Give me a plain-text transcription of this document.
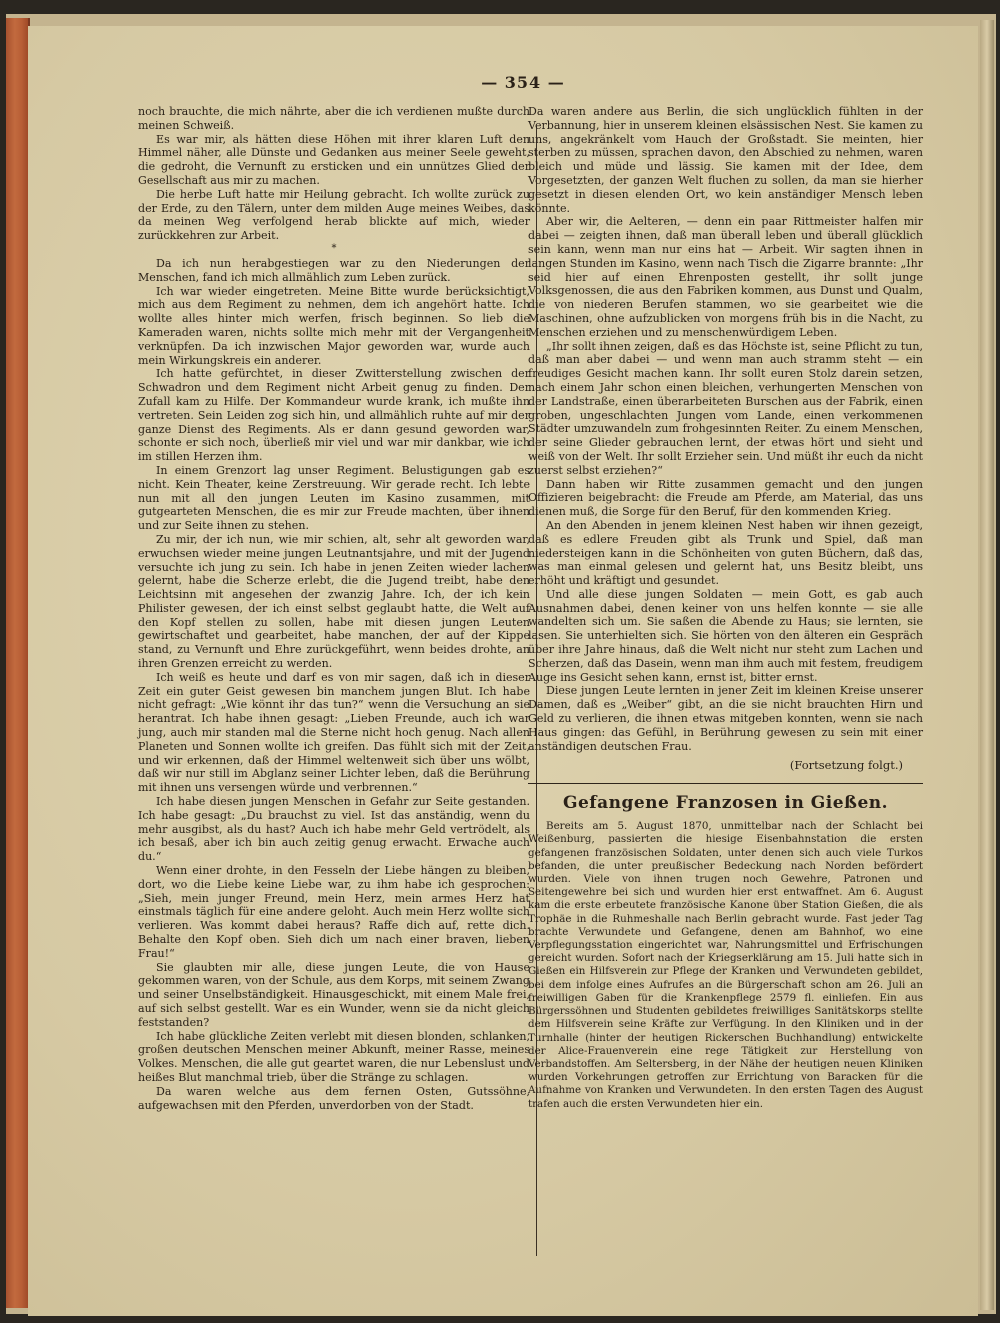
— 354 —

noch brauchte, die mich nährte, aber die ich verdienen mußte durch meinen Schweiß.

Es war mir, als hätten diese Höhen mit ihrer klaren Luft den Himmel näher, alle Dünste und Gedanken aus meiner Seele geweht, die gedroht, die Vernunft zu ersticken und ein unnützes Glied der Gesellschaft aus mir zu machen.

Die herbe Luft hatte mir Heilung gebracht. Ich wollte zurück zu der Erde, zu den Tälern, unter dem milden Auge meines Weibes, das da meinen Weg verfolgend herab blickte auf mich, wieder zurückkehren zur Arbeit.

*

Da ich nun herabgestiegen war zu den Niederungen der Menschen, fand ich mich allmählich zum Leben zurück.

Ich war wieder eingetreten. Meine Bitte wurde berücksichtigt, mich aus dem Regiment zu nehmen, dem ich angehört hatte. Ich wollte alles hinter mich werfen, frisch beginnen. So lieb die Kameraden waren, nichts sollte mich mehr mit der Vergangenheit verknüpfen. Da ich inzwischen Major geworden war, wurde auch mein Wirkungskreis ein anderer.

Ich hatte gefürchtet, in dieser Zwitterstellung zwischen der Schwadron und dem Regiment nicht Arbeit genug zu finden. Der Zufall kam zu Hilfe. Der Kommandeur wurde krank, ich mußte ihn vertreten. Sein Leiden zog sich hin, und allmählich ruhte auf mir der ganze Dienst des Regiments. Als er dann gesund geworden war, schonte er sich noch, überließ mir viel und war mir dankbar, wie ich im stillen Herzen ihm.

In einem Grenzort lag unser Regiment. Belustigungen gab es nicht. Kein Theater, keine Zerstreuung. Wir gerade recht. Ich lebte nun mit all den jungen Leuten im Kasino zusammen, mit gutgearteten Menschen, die es mir zur Freude machten, über ihnen und zur Seite ihnen zu stehen.

Zu mir, der ich nun, wie mir schien, alt, sehr alt geworden war, erwuchsen wieder meine jungen Leutnantsjahre, und mit der Jugend versuchte ich jung zu sein. Ich habe in jenen Zeiten wieder lachen gelernt, habe die Scherze erlebt, die die Jugend treibt, habe den Leichtsinn mit angesehen der zwanzig Jahre. Ich, der ich kein Philister gewesen, der ich einst selbst geglaubt hatte, die Welt auf den Kopf stellen zu sollen, habe mit diesen jungen Leuten gewirtschaftet und gearbeitet, habe manchen, der auf der Kippe stand, zu Vernunft und Ehre zurückgeführt, wenn beides drohte, an ihren Grenzen erreicht zu werden.

Ich weiß es heute und darf es von mir sagen, daß ich in dieser Zeit ein guter Geist gewesen bin manchem jungen Blut. Ich habe nicht gefragt: „Wie könnt ihr das tun?“ wenn die Versuchung an sie herantrat. Ich habe ihnen gesagt: „Lieben Freunde, auch ich war jung, auch mir standen mal die Sterne nicht hoch genug. Nach allen Planeten und Sonnen wollte ich greifen. Das fühlt sich mit der Zeit, und wir erkennen, daß der Himmel weltenweit sich über uns wölbt, daß wir nur still im Abglanz seiner Lichter leben, daß die Berührung mit ihnen uns versengen würde und verbrennen.“

Ich habe diesen jungen Menschen in Gefahr zur Seite gestanden. Ich habe gesagt: „Du brauchst zu viel. Ist das anständig, wenn du mehr ausgibst, als du hast? Auch ich habe mehr Geld vertrödelt, als ich besaß, aber ich bin auch zeitig genug erwacht. Erwache auch du.“

Wenn einer drohte, in den Fesseln der Liebe hängen zu bleiben, dort, wo die Liebe keine Liebe war, zu ihm habe ich gesprochen: „Sieh, mein junger Freund, mein Herz, mein armes Herz hat einstmals täglich für eine andere geloht. Auch mein Herz wollte sich verlieren. Was kommt dabei heraus? Raffe dich auf, rette dich. Behalte den Kopf oben. Sieh dich um nach einer braven, lieben Frau!“

Sie glaubten mir alle, diese jungen Leute, die von Hause gekommen waren, von der Schule, aus dem Korps, mit seinem Zwang und seiner Unselbständigkeit. Hinausgeschickt, mit einem Male frei, auf sich selbst gestellt. War es ein Wunder, wenn sie da nicht gleich feststanden?

Ich habe glückliche Zeiten verlebt mit diesen blonden, schlanken, großen deutschen Menschen meiner Abkunft, meiner Rasse, meines Volkes. Menschen, die alle gut geartet waren, die nur Lebenslust und heißes Blut manchmal trieb, über die Stränge zu schlagen.

Da waren welche aus dem fernen Osten, Gutssöhne, aufgewachsen mit den Pferden, unverdorben von der Stadt.

Da waren andere aus Berlin, die sich unglücklich fühlten in der Verbannung, hier in unserem kleinen elsässischen Nest. Sie kamen zu uns, angekränkelt vom Hauch der Großstadt. Sie meinten, hier sterben zu müssen, sprachen davon, den Abschied zu nehmen, waren bleich und müde und lässig. Sie kamen mit der Idee, dem Vorgesetzten, der ganzen Welt fluchen zu sollen, da man sie hierher gesetzt in diesen elenden Ort, wo kein anständiger Mensch leben könnte.

Aber wir, die Aelteren, — denn ein paar Rittmeister halfen mir dabei — zeigten ihnen, daß man überall leben und überall glücklich sein kann, wenn man nur eins hat — Arbeit. Wir sagten ihnen in langen Stunden im Kasino, wenn nach Tisch die Zigarre brannte: „Ihr seid hier auf einen Ehrenposten gestellt, ihr sollt junge Volksgenossen, die aus den Fabriken kommen, aus Dunst und Qualm, die von niederen Berufen stammen, wo sie gearbeitet wie die Maschinen, ohne aufzublicken von morgens früh bis in die Nacht, zu Menschen erziehen und zu menschenwürdigem Leben.

„Ihr sollt ihnen zeigen, daß es das Höchste ist, seine Pflicht zu tun, daß man aber dabei — und wenn man auch stramm steht — ein freudiges Gesicht machen kann. Ihr sollt euren Stolz darein setzen, nach einem Jahr schon einen bleichen, verhungerten Menschen von der Landstraße, einen überarbeiteten Burschen aus der Fabrik, einen groben, ungeschlachten Jungen vom Lande, einen verkommenen Städter umzuwandeln zum frohgesinnten Reiter. Zu einem Menschen, der seine Glieder gebrauchen lernt, der etwas hört und sieht und weiß von der Welt. Ihr sollt Erzieher sein. Und müßt ihr euch da nicht zuerst selbst erziehen?“

Dann haben wir Ritte zusammen gemacht und den jungen Offizieren beigebracht: die Freude am Pferde, am Material, das uns dienen muß, die Sorge für den Beruf, für den kommenden Krieg.

An den Abenden in jenem kleinen Nest haben wir ihnen gezeigt, daß es edlere Freuden gibt als Trunk und Spiel, daß man niedersteigen kann in die Schönheiten von guten Büchern, daß das, was man einmal gelesen und gelernt hat, uns Besitz bleibt, uns erhöht und kräftigt und gesundet.

Und alle diese jungen Soldaten — mein Gott, es gab auch Ausnahmen dabei, denen keiner von uns helfen konnte — sie alle wandelten sich um. Sie saßen die Abende zu Haus; sie lernten, sie lasen. Sie unterhielten sich. Sie hörten von den älteren ein Gespräch über ihre Jahre hinaus, daß die Welt nicht nur steht zum Lachen und Scherzen, daß das Dasein, wenn man ihm auch mit festem, freudigem Auge ins Gesicht sehen kann, ernst ist, bitter ernst.

Diese jungen Leute lernten in jener Zeit im kleinen Kreise unserer Damen, daß es „Weiber“ gibt, an die sie nicht brauchten Hirn und Geld zu verlieren, die ihnen etwas mitgeben konnten, wenn sie nach Haus gingen: das Gefühl, in Berührung gewesen zu sein mit einer anständigen deutschen Frau.

(Fortsetzung folgt.)
Gefangene Franzosen in Gießen.

Bereits am 5. August 1870, unmittelbar nach der Schlacht bei Weißenburg, passierten die hiesige Eisenbahnstation die ersten gefangenen französischen Soldaten, unter denen sich auch viele Turkos befanden, die unter preußischer Bedeckung nach Norden befördert wurden. Viele von ihnen trugen noch Gewehre, Patronen und Seitengewehre bei sich und wurden hier erst entwaffnet. Am 6. August kam die erste erbeutete französische Kanone über Station Gießen, die als Trophäe in die Ruhmeshalle nach Berlin gebracht wurde. Fast jeder Tag brachte Verwundete und Gefangene, denen am Bahnhof, wo eine Verpflegungsstation eingerichtet war, Nahrungsmittel und Erfrischungen gereicht wurden. Sofort nach der Kriegserklärung am 15. Juli hatte sich in Gießen ein Hilfsverein zur Pflege der Kranken und Verwundeten gebildet, bei dem infolge eines Aufrufes an die Bürgerschaft schon am 26. Juli an freiwilligen Gaben für die Krankenpflege 2579 fl. einliefen. Ein aus Bürgerssöhnen und Studenten gebildetes freiwilliges Sanitätskorps stellte dem Hilfsverein seine Kräfte zur Verfügung. In den Kliniken und in der Turnhalle (hinter der heutigen Rickerschen Buchhandlung) entwickelte der Alice-Frauenverein eine rege Tätigkeit zur Herstellung von Verbandstoffen. Am Seltersberg, in der Nähe der heutigen neuen Kliniken wurden Vorkehrungen getroffen zur Errichtung von Baracken für die Aufnahme von Kranken und Verwundeten. In den ersten Tagen des August trafen auch die ersten Verwundeten hier ein.
